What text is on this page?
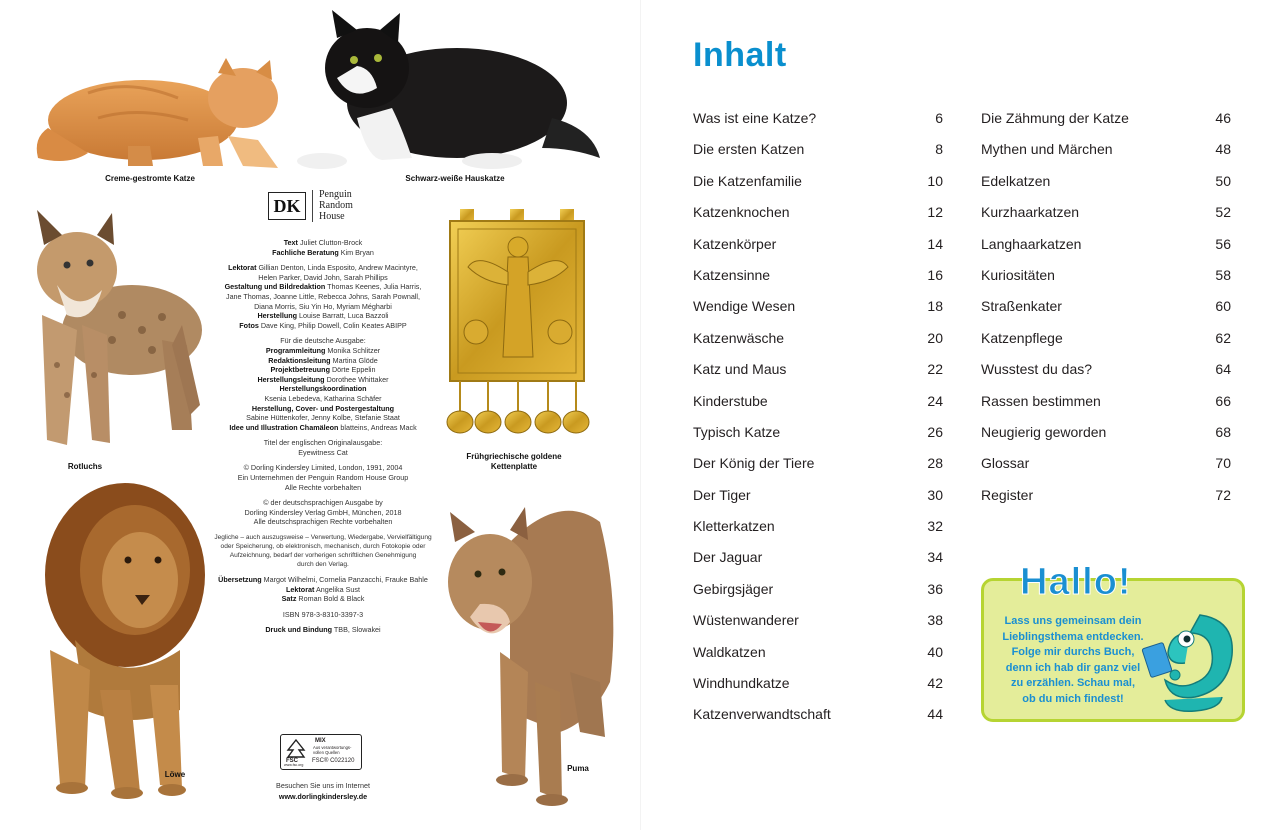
Creme-gestromte Katze	Schwarz-weiße Hauskatze
Rotluchs
Frühgriechische goldene
Kettenplatte
Löwe
Puma
DK
Penguin
Random
House

Text Juliet Clutton-Brock
Fachliche Beratung Kim Bryan

Lektorat Gillian Denton, Linda Esposito, Andrew Macintyre,
Helen Parker, David John, Sarah Phillips
Gestaltung und Bildredaktion Thomas Keenes, Julia Harris,
Jane Thomas, Joanne Little, Rebecca Johns, Sarah Pownall,
Diana Morris, Siu Yin Ho, Myriam Mégharbi
Herstellung Louise Barratt, Luca Bazzoli
Fotos Dave King, Philip Dowell, Colin Keates ABIPP

Für die deutsche Ausgabe:
Programmleitung Monika Schlitzer
Redaktionsleitung Martina Glöde
Projektbetreuung Dörte Eppelin
Herstellungsleitung Dorothee Whittaker
Herstellungskoordination
Ksenia Lebedeva, Katharina Schäfer
Herstellung, Cover- und Postergestaltung
Sabine Hüttenkofer, Jenny Kolbe, Stefanie Staat
Idee und Illustration Chamäleon blatteins, Andreas Mack

Titel der englischen Originalausgabe:
Eyewitness Cat

© Dorling Kindersley Limited, London, 1991, 2004
Ein Unternehmen der Penguin Random House Group
Alle Rechte vorbehalten

© der deutschsprachigen Ausgabe by
Dorling Kindersley Verlag GmbH, München, 2018
Alle deutschsprachigen Rechte vorbehalten

Jegliche – auch auszugsweise – Verwertung, Wiedergabe, Vervielfältigung
oder Speicherung, ob elektronisch, mechanisch, durch Fotokopie oder
Aufzeichnung, bedarf der vorherigen schriftlichen Genehmigung
durch den Verlag.

Übersetzung Margot Wilhelmi, Cornelia Panzacchi, Frauke Bahle
Lektorat Angelika Sust
Satz Roman Bold & Black

ISBN 978-3-8310-3397-3

Druck und Bindung TBB, Slowakei

FSC
www.fsc.org
MIX
Aus verantwortungs-
vollen Quellen
FSC® C022120
Besuchen Sie uns im Internet
www.dorlingkindersley.de
Inhalt
Was ist eine Katze?	6
Die ersten Katzen	8
Die Katzenfamilie	10
Katzenknochen	12
Katzenkörper	14
Katzensinne	16
Wendige Wesen	18
Katzenwäsche	20
Katz und Maus	22
Kinderstube	24
Typisch Katze	26
Der König der Tiere	28
Der Tiger	30
Kletterkatzen	32
Der Jaguar	34
Gebirgsjäger	36
Wüstenwanderer	38
Waldkatzen	40
Windhundkatze	42
Katzenverwandtschaft	44
Die Zähmung der Katze	46
Mythen und Märchen	48
Edelkatzen	50
Kurzhaarkatzen	52
Langhaarkatzen	56
Kuriositäten	58
Straßenkater	60
Katzenpflege	62
Wusstest du das?	64
Rassen bestimmen	66
Neugierig geworden	68
Glossar	70
Register	72
Hallo!
Lass uns gemeinsam dein
Lieblingsthema entdecken.
Folge mir durchs Buch,
denn ich hab dir ganz viel
zu erzählen. Schau mal,
ob du mich findest!
